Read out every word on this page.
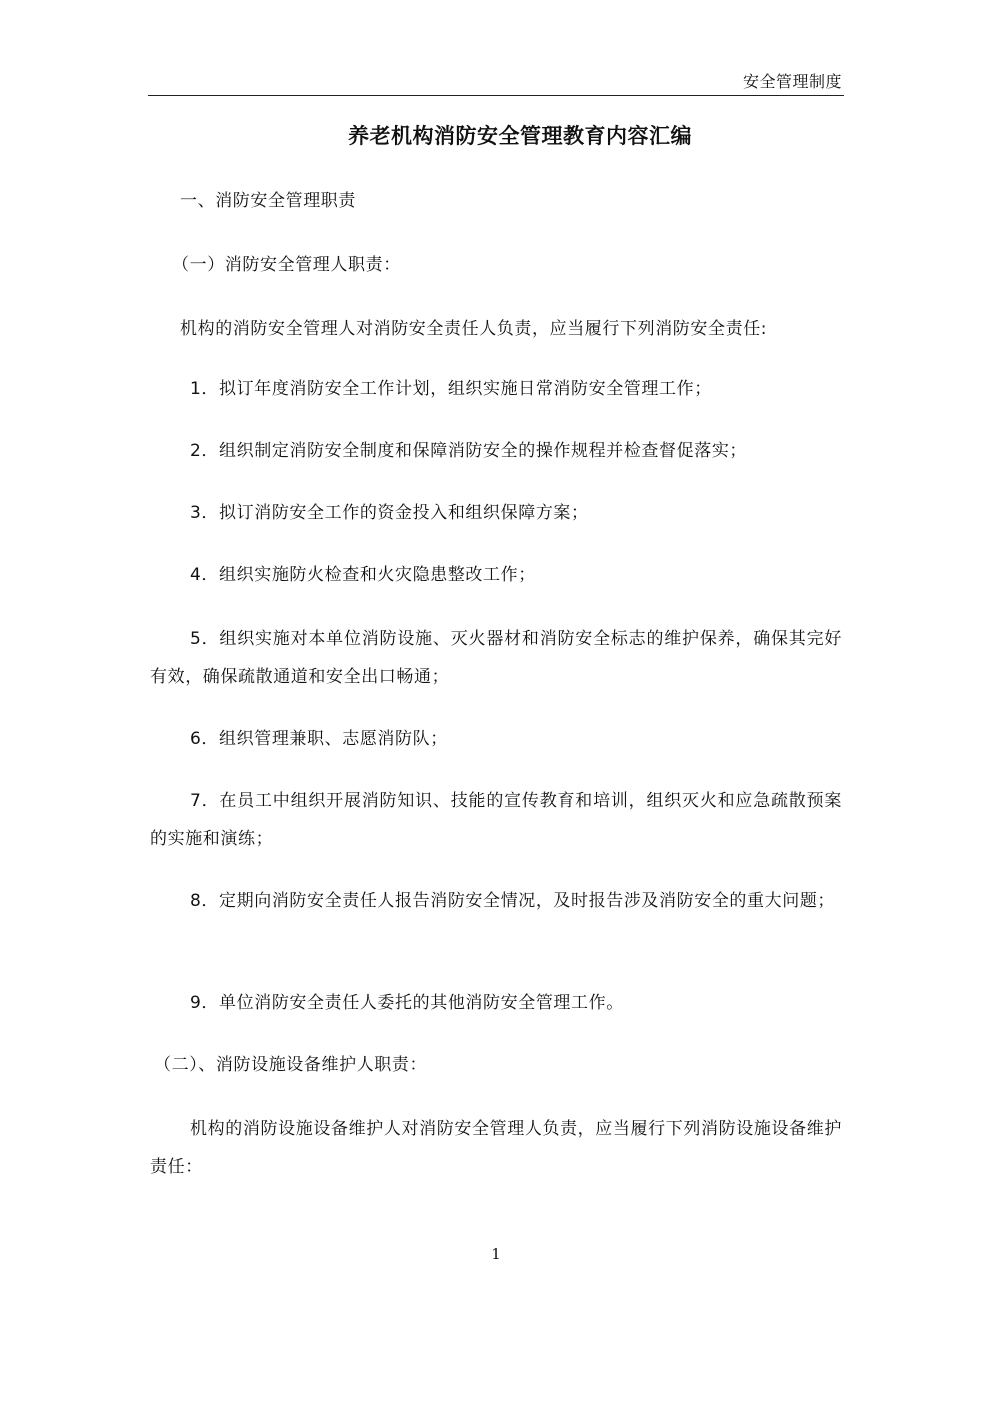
安全管理制度
养老机构消防安全管理教育内容汇编
一、消防安全管理职责
（一）消防安全管理人职责：
机构的消防安全管理人对消防安全责任人负责，应当履行下列消防安全责任:
1．拟订年度消防安全工作计划，组织实施日常消防安全管理工作；
2．组织制定消防安全制度和保障消防安全的操作规程并检查督促落实；
3．拟订消防安全工作的资金投入和组织保障方案；
4．组织实施防火检查和火灾隐患整改工作；
5．组织实施对本单位消防设施、灭火器材和消防安全标志的维护保养，确保其完好有效，确保疏散通道和安全出口畅通；
6．组织管理兼职、志愿消防队；
7．在员工中组织开展消防知识、技能的宣传教育和培训，组织灭火和应急疏散预案的实施和演练；
8．定期向消防安全责任人报告消防安全情况，及时报告涉及消防安全的重大问题；
9．单位消防安全责任人委托的其他消防安全管理工作。
（二）、消防设施设备维护人职责：
机构的消防设施设备维护人对消防安全管理人负责，应当履行下列消防设施设备维护责任：
1
